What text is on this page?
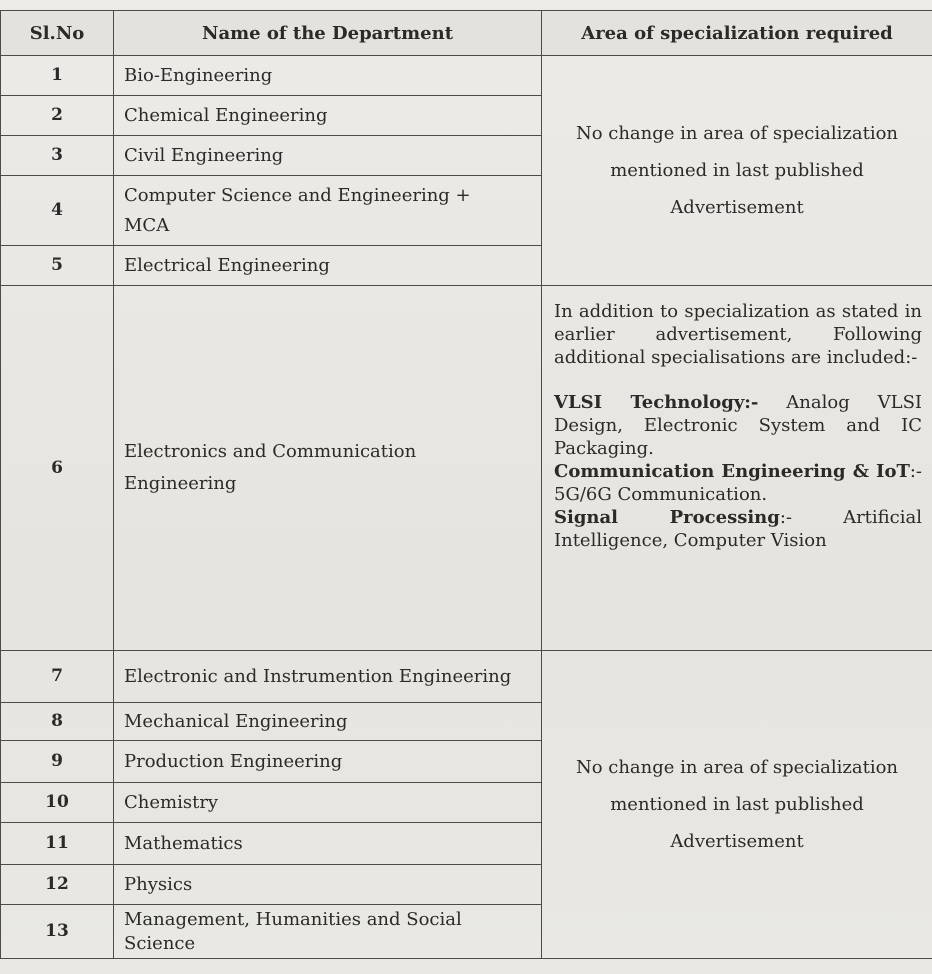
Sl.No	Name of the Department	Area of specialization required
1	Bio-Engineering	No change in area of specialization mentioned in last published Advertisement
2	Chemical Engineering	
3	Civil Engineering	
4	Computer Science and Engineering + MCA	
5	Electrical Engineering	
6	Electronics and Communication Engineering	In addition to specialization as stated in earlier advertisement, Following additional specialisations are included:-

VLSI Technology:- Analog VLSI Design, Electronic System and IC Packaging.

Communication Engineering & IoT:- 5G/6G Communication.

Signal Processing:- Artificial Intelligence, Computer Vision

7	Electronic and Instrumention Engineering	No change in area of specialization mentioned in last published Advertisement
8	Mechanical Engineering	
9	Production Engineering	
10	Chemistry	
11	Mathematics	
12	Physics	
13	Management, Humanities and Social Science	
